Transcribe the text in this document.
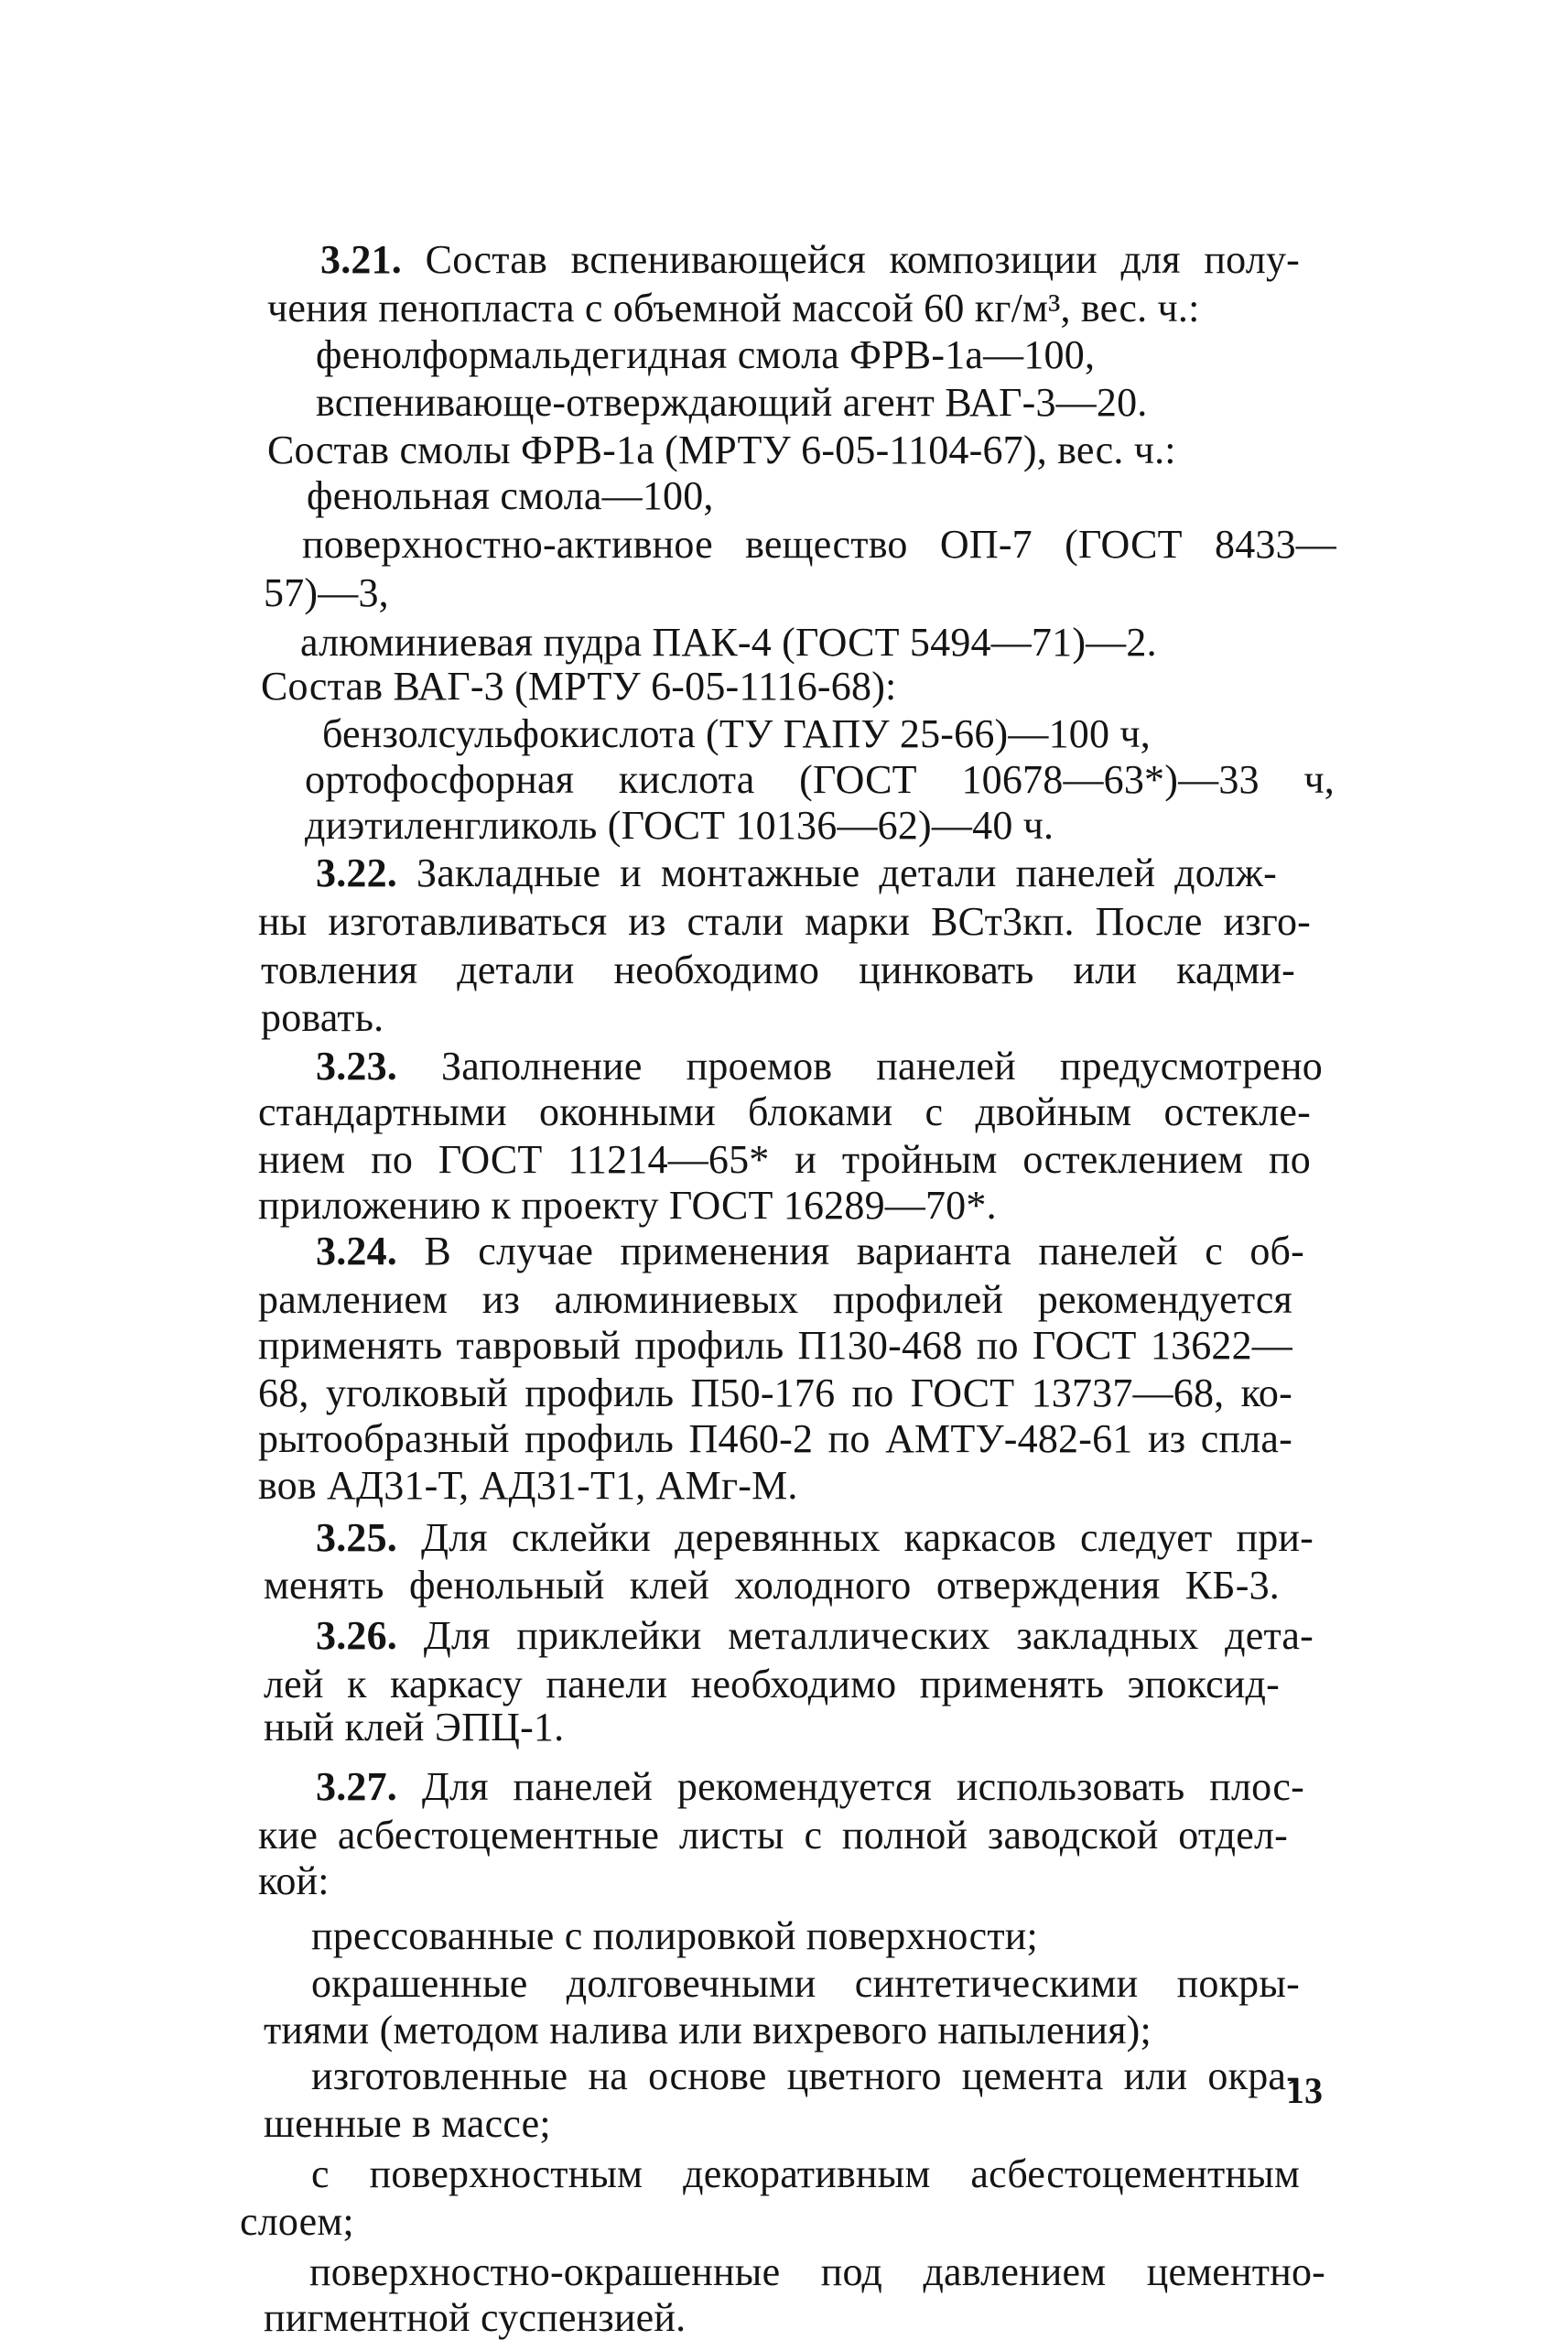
3.21. Состав вспенивающейся композиции для полу-
чения пенопласта с объемной массой 60 кг/м³, вес. ч.:
фенолформальдегидная смола ФРВ-1а—100,
вспенивающе-отверждающий агент ВАГ-3—20.
Состав смолы ФРВ-1а (МРТУ 6-05-1104-67), вес. ч.:
фенольная смола—100,
поверхностно-активное вещество ОП-7 (ГОСТ 8433—
57)—3,
алюминиевая пудра ПАК-4 (ГОСТ 5494—71)—2.
Состав ВАГ-3 (МРТУ 6-05-1116-68):
бензолсульфокислота (ТУ ГАПУ 25-66)—100 ч,
ортофосфорная кислота (ГОСТ 10678—63*)—33 ч,
диэтиленгликоль (ГОСТ 10136—62)—40 ч.
3.22. Закладные и монтажные детали панелей долж-
ны изготавливаться из стали марки ВСт3кп. После изго-
товления детали необходимо цинковать или кадми-
ровать.
3.23. Заполнение проемов панелей предусмотрено
стандартными оконными блоками с двойным остекле-
нием по ГОСТ 11214—65* и тройным остеклением по
приложению к проекту ГОСТ 16289—70*.
3.24. В случае применения варианта панелей с об-
рамлением из алюминиевых профилей рекомендуется
применять тавровый профиль П130-468 по ГОСТ 13622—
68, уголковый профиль П50-176 по ГОСТ 13737—68, ко-
рытообразный профиль П460-2 по АМТУ-482-61 из спла-
вов АД31-Т, АД31-Т1, АМг-М.
3.25. Для склейки деревянных каркасов следует при-
менять фенольный клей холодного отверждения КБ-3.
3.26. Для приклейки металлических закладных дета-
лей к каркасу панели необходимо применять эпоксид-
ный клей ЭПЦ-1.
3.27. Для панелей рекомендуется использовать плос-
кие асбестоцементные листы с полной заводской отдел-
кой:
прессованные с полировкой поверхности;
окрашенные долговечными синтетическими покры-
тиями (методом налива или вихревого напыления);
изготовленные на основе цветного цемента или окра-
шенные в массе;
с поверхностным декоративным асбестоцементным
слоем;
поверхностно-окрашенные под давлением цементно-
пигментной суспензией.
13
